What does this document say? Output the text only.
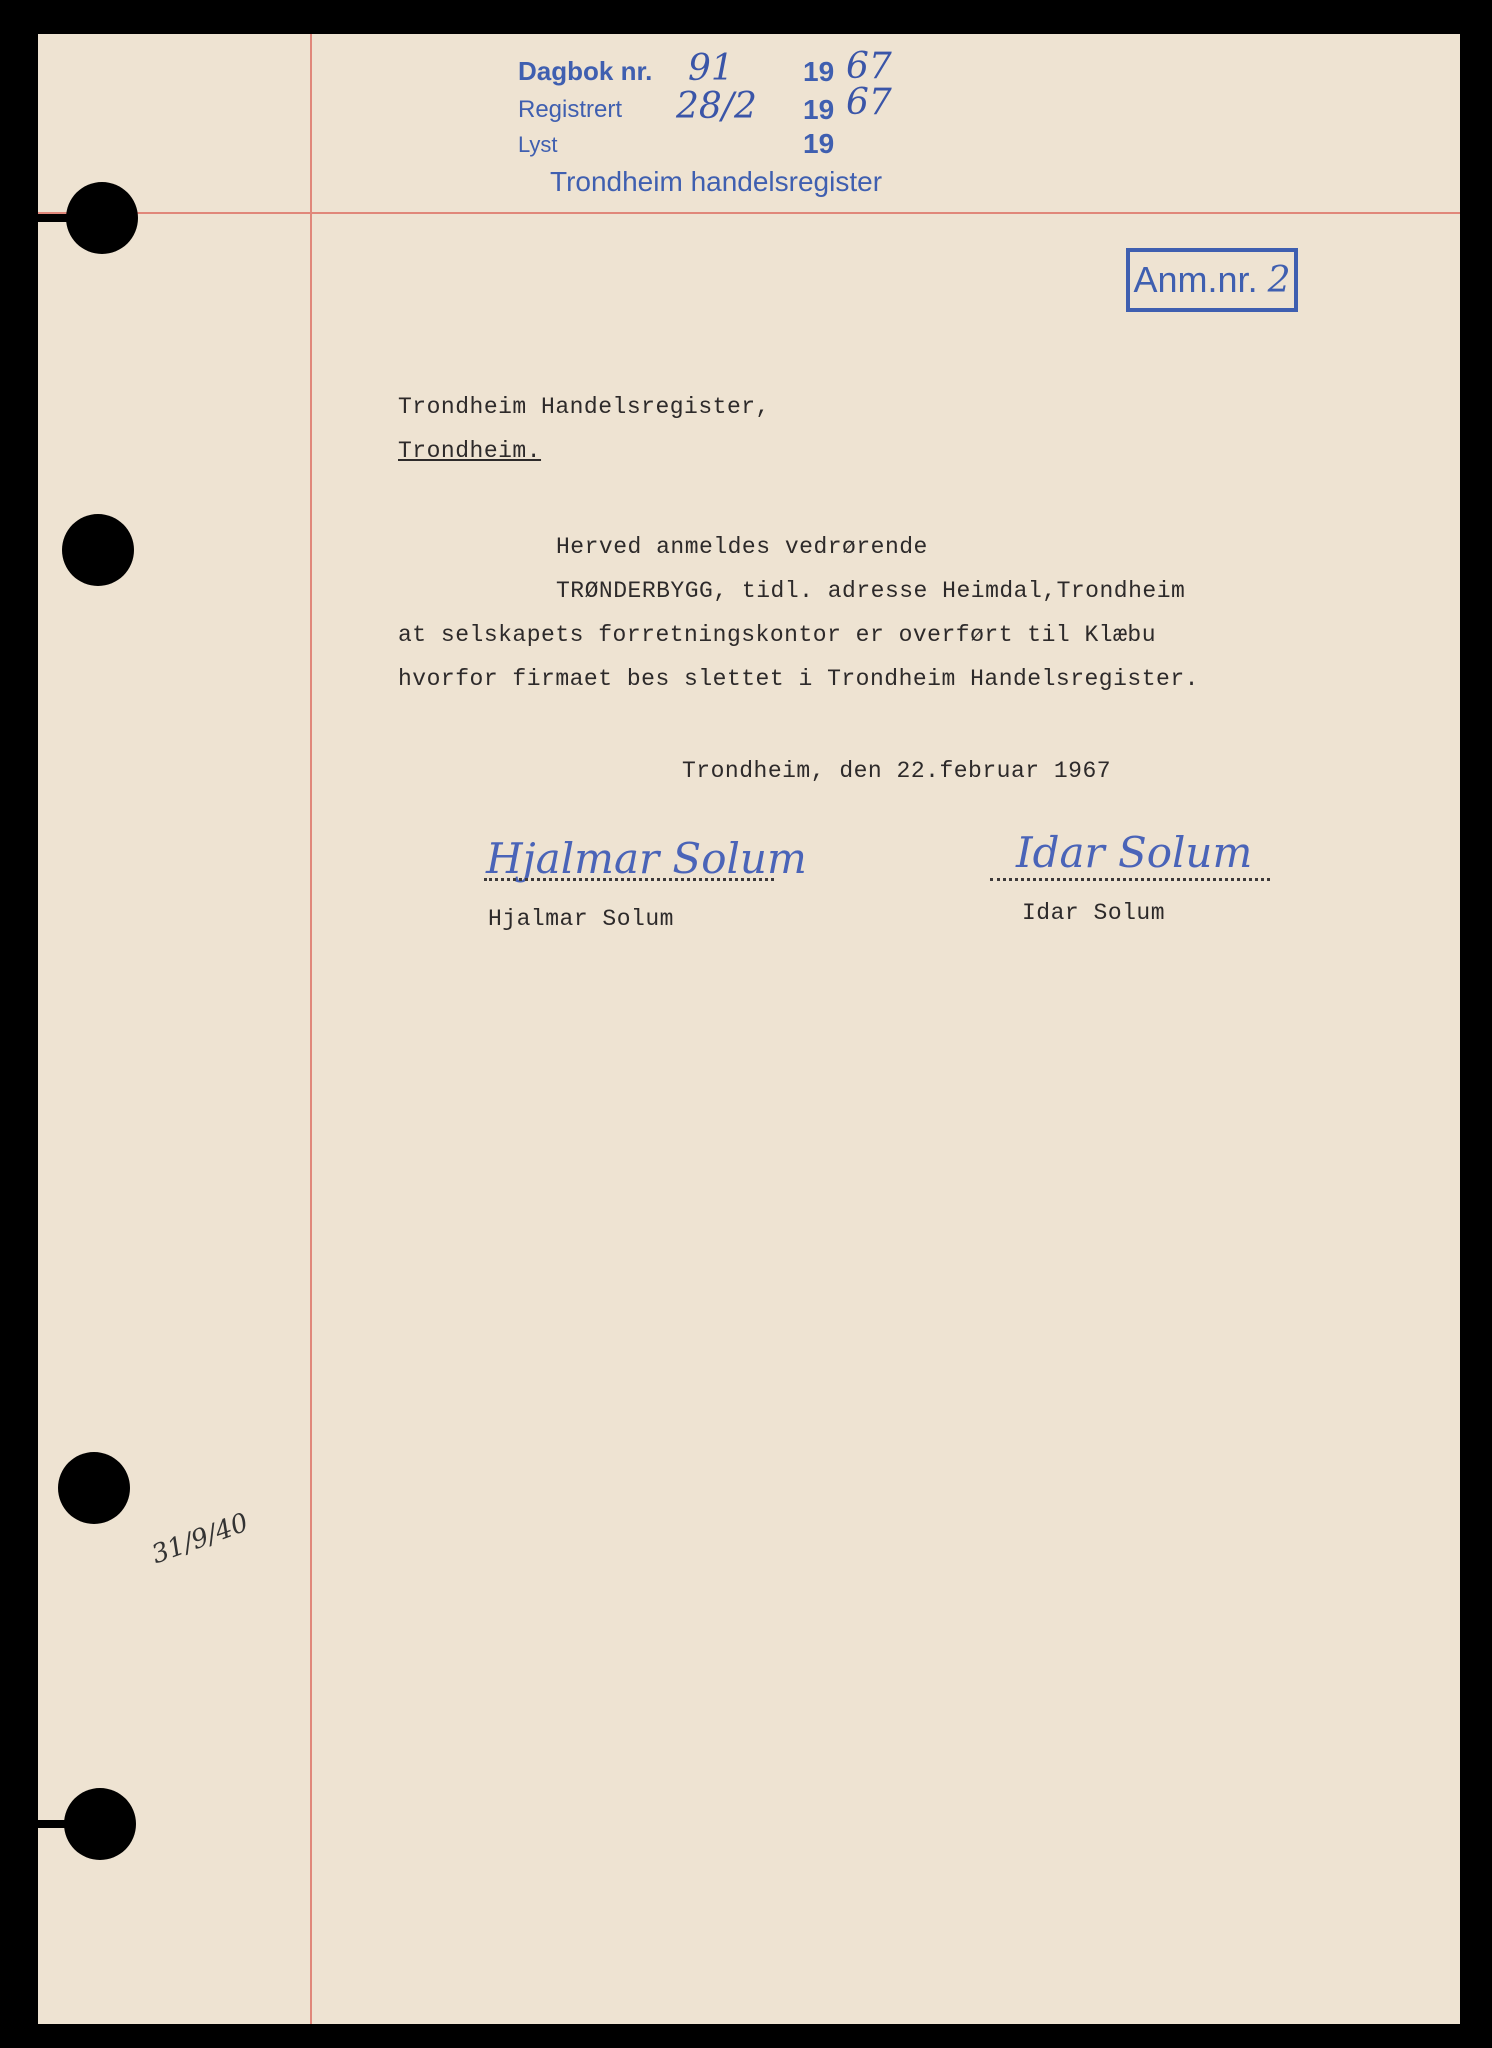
Dagbok nr. 91 19 67
Registrert 28/2 19 67
Lyst	19
Trondheim handelsregister
Anm.nr. 2
Trondheim Handelsregister,
Trondheim.
Herved anmeldes vedrørende
TRØNDERBYGG, tidl. adresse Heimdal,Trondheim
at selskapets forretningskontor er overført til Klæbu
hvorfor firmaet bes slettet i Trondheim Handelsregister.
Trondheim, den 22.februar 1967
Hjalmar Solum
Hjalmar Solum
Idar Solum
Idar Solum
31/9/40
